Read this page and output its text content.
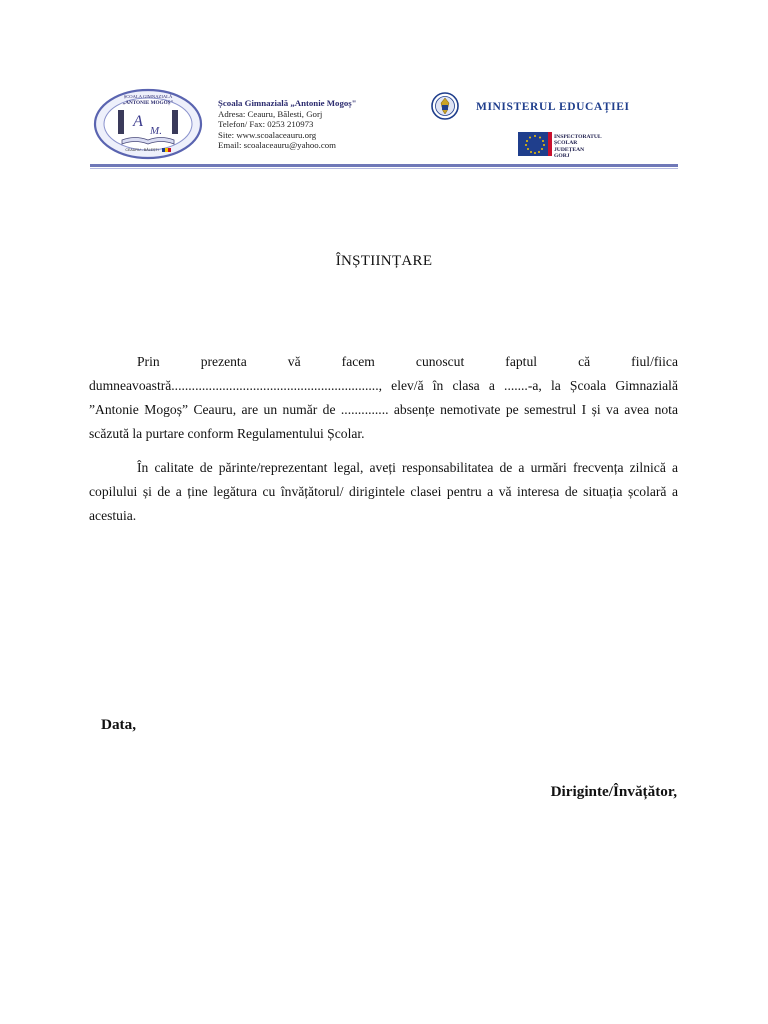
ȘCOALA GIMNAZIALĂ
„ANTONIE MOGOȘ"
A
M.
CEAURU - BĂLEȘTI
Școala Gimnazială „Antonie Mogoș"
Adresa: Ceauru, Bălesti, Gorj
Telefon/ Fax: 0253 210973
Site: www.scoalaceauru.org
Email: scoalaceauru@yahoo.com
MINISTERUL EDUCAȚIEI
INSPECTORATUL
ȘCOLAR
JUDEȚEAN
GORJ
ÎNȘTIINȚARE

Prin prezenta vă facem cunoscut faptul că fiul/fiica dumneavoastră............................................................., elev/ă în clasa a .......-a, la Școala Gimnazială ”Antonie Mogoș” Ceauru, are un număr de .............. absențe nemotivate pe semestrul I și va avea nota scăzută la purtare conform Regulamentului Școlar.

În calitate de părinte/reprezentant legal, aveți responsabilitatea de a urmări frecvența zilnică a copilului și de a ține legătura cu învățătorul/ dirigintele clasei pentru a vă interesa de situația școlară a acestuia.

Data,
Diriginte/Învățător,
